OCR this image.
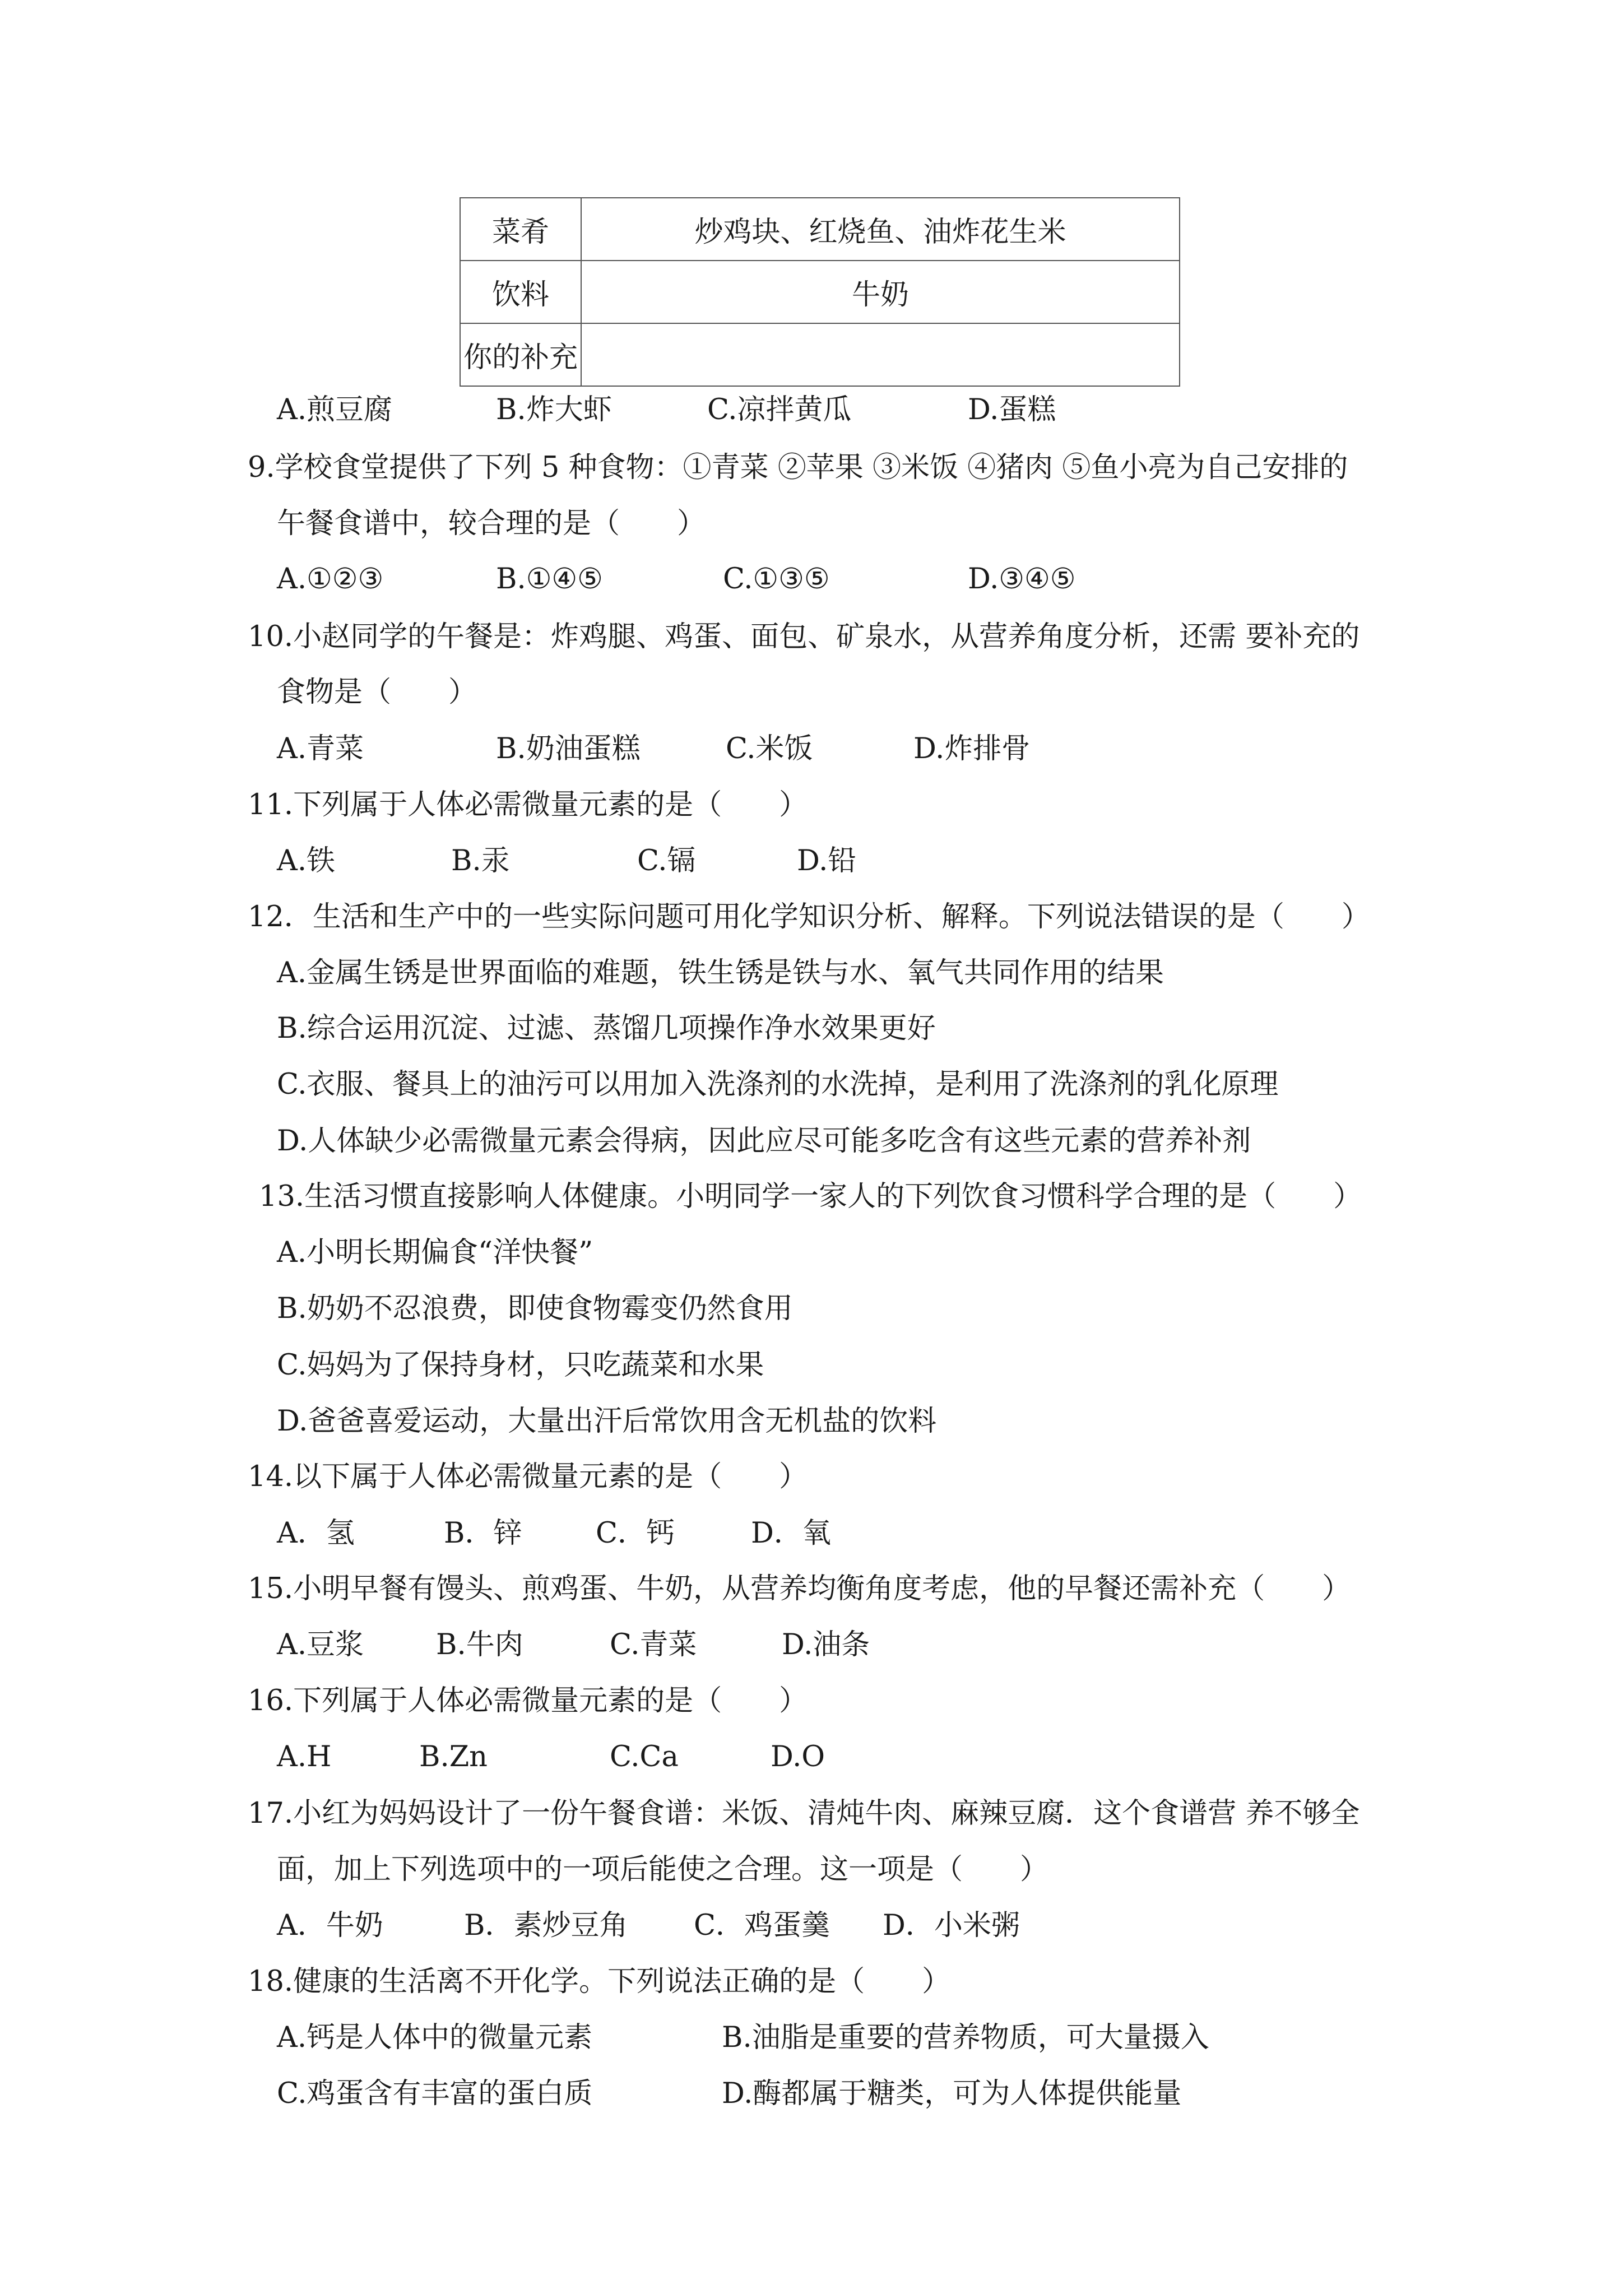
菜肴	炒鸡块、红烧鱼、油炸花生米
饮料	牛奶
你的补充	
A.煎豆腐	B.炸大虾	C.凉拌黄瓜	D.蛋糕
9.学校食堂提供了下列 5 种食物：①青菜 ②苹果 ③米饭 ④猪肉 ⑤鱼小亮为自己安排的
午餐食谱中，较合理的是（　　）
A.①②③	B.①④⑤	C.①③⑤	D.③④⑤
10.小赵同学的午餐是：炸鸡腿、鸡蛋、面包、矿泉水，从营养角度分析，还需 要补充的
食物是（　　）
A.青菜	B.奶油蛋糕	C.米饭	D.炸排骨
11.下列属于人体必需微量元素的是（　　）
A.铁	B.汞	C.镉	D.铅
12．生活和生产中的一些实际问题可用化学知识分析、解释。下列说法错误的是（　　）
A.金属生锈是世界面临的难题，铁生锈是铁与水、氧气共同作用的结果
B.综合运用沉淀、过滤、蒸馏几项操作净水效果更好
C.衣服、餐具上的油污可以用加入洗涤剂的水洗掉，是利用了洗涤剂的乳化原理
D.人体缺少必需微量元素会得病，因此应尽可能多吃含有这些元素的营养补剂
13.生活习惯直接影响人体健康。小明同学一家人的下列饮食习惯科学合理的是（　　）
A.小明长期偏食“洋快餐”
B.奶奶不忍浪费，即使食物霉变仍然食用
C.妈妈为了保持身材，只吃蔬菜和水果
D.爸爸喜爱运动，大量出汗后常饮用含无机盐的饮料
14.以下属于人体必需微量元素的是（　　）
A．氢	B．锌	C．钙	D．氧
15.小明早餐有馒头、煎鸡蛋、牛奶，从营养均衡角度考虑，他的早餐还需补充（　　）
A.豆浆	B.牛肉	C.青菜	D.油条
16.下列属于人体必需微量元素的是（　　）
A.H	B.Zn	C.Ca	D.O
17.小红为妈妈设计了一份午餐食谱：米饭、清炖牛肉、麻辣豆腐．这个食谱营 养不够全
面，加上下列选项中的一项后能使之合理。这一项是（　　）
A．牛奶	B．素炒豆角 C．鸡蛋羹 D．小米粥
18.健康的生活离不开化学。下列说法正确的是（　　）
A.钙是人体中的微量元素	B.油脂是重要的营养物质，可大量摄入
C.鸡蛋含有丰富的蛋白质	D.酶都属于糖类，可为人体提供能量
